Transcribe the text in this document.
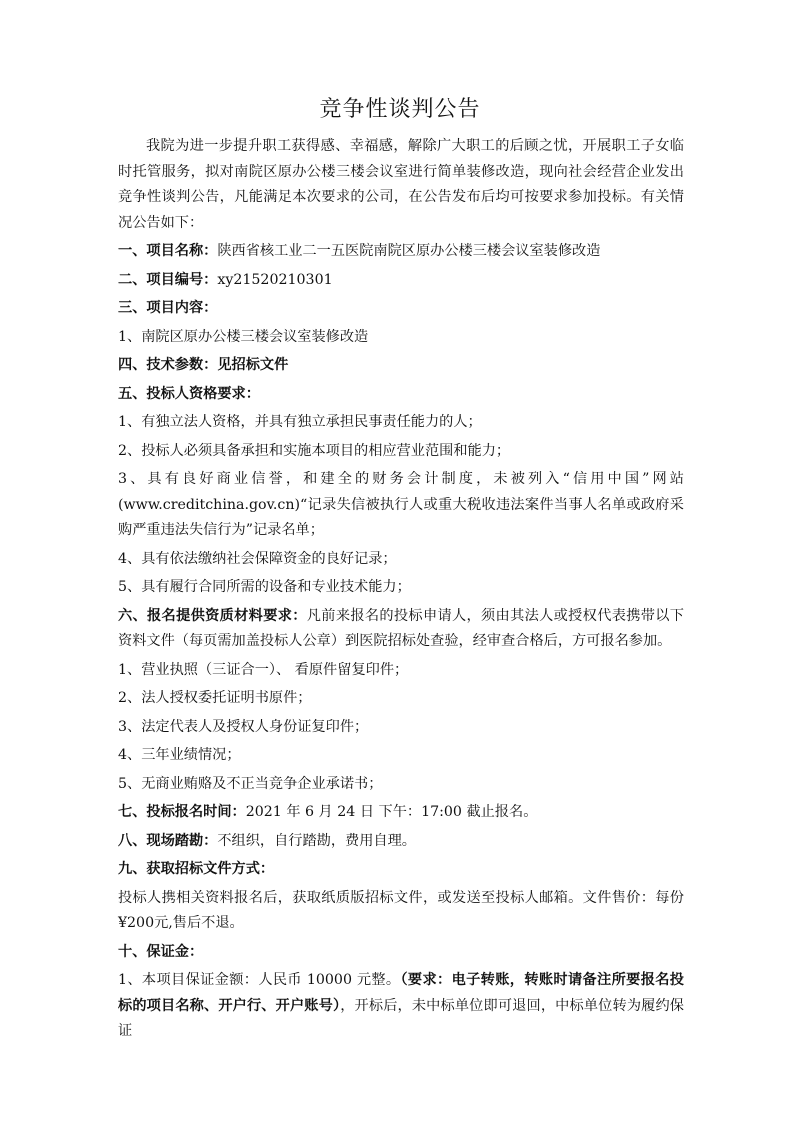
竞争性谈判公告

我院为进一步提升职工获得感、幸福感，解除广大职工的后顾之忧，开展职工子女临时托管服务，拟对南院区原办公楼三楼会议室进行简单装修改造，现向社会经营企业发出竞争性谈判公告，凡能满足本次要求的公司，在公告发布后均可按要求参加投标。有关情况公告如下：

一、项目名称：陕西省核工业二一五医院南院区原办公楼三楼会议室装修改造

二、项目编号：xy21520210301

三、项目内容：

1、南院区原办公楼三楼会议室装修改造

四、技术参数：见招标文件

五、投标人资格要求：

1、有独立法人资格，并具有独立承担民事责任能力的人；

2、投标人必须具备承担和实施本项目的相应营业范围和能力；

3、具有良好商业信誉，和建全的财务会计制度，未被列入“信用中国”网站(www.creditchina.gov.cn)“记录失信被执行人或重大税收违法案件当事人名单或政府采购严重违法失信行为”记录名单；

4、具有依法缴纳社会保障资金的良好记录；

5、具有履行合同所需的设备和专业技术能力；

六、报名提供资质材料要求：凡前来报名的投标申请人，须由其法人或授权代表携带以下资料文件（每页需加盖投标人公章）到医院招标处查验，经审查合格后，方可报名参加。

1、营业执照（三证合一）、 看原件留复印件；

2、法人授权委托证明书原件；

3、法定代表人及授权人身份证复印件；

4、三年业绩情况；

5、无商业贿赂及不正当竞争企业承诺书；

七、投标报名时间：2021 年 6 月 24 日 下午：17:00 截止报名。

八、现场踏勘：不组织，自行踏勘，费用自理。

九、获取招标文件方式：

投标人携相关资料报名后，获取纸质版招标文件，或发送至投标人邮箱。文件售价：每份¥200元,售后不退。

十、保证金：

1、本项目保证金额：人民币 10000 元整。（要求：电子转账，转账时请备注所要报名投标的项目名称、开户行、开户账号），开标后，未中标单位即可退回，中标单位转为履约保证
